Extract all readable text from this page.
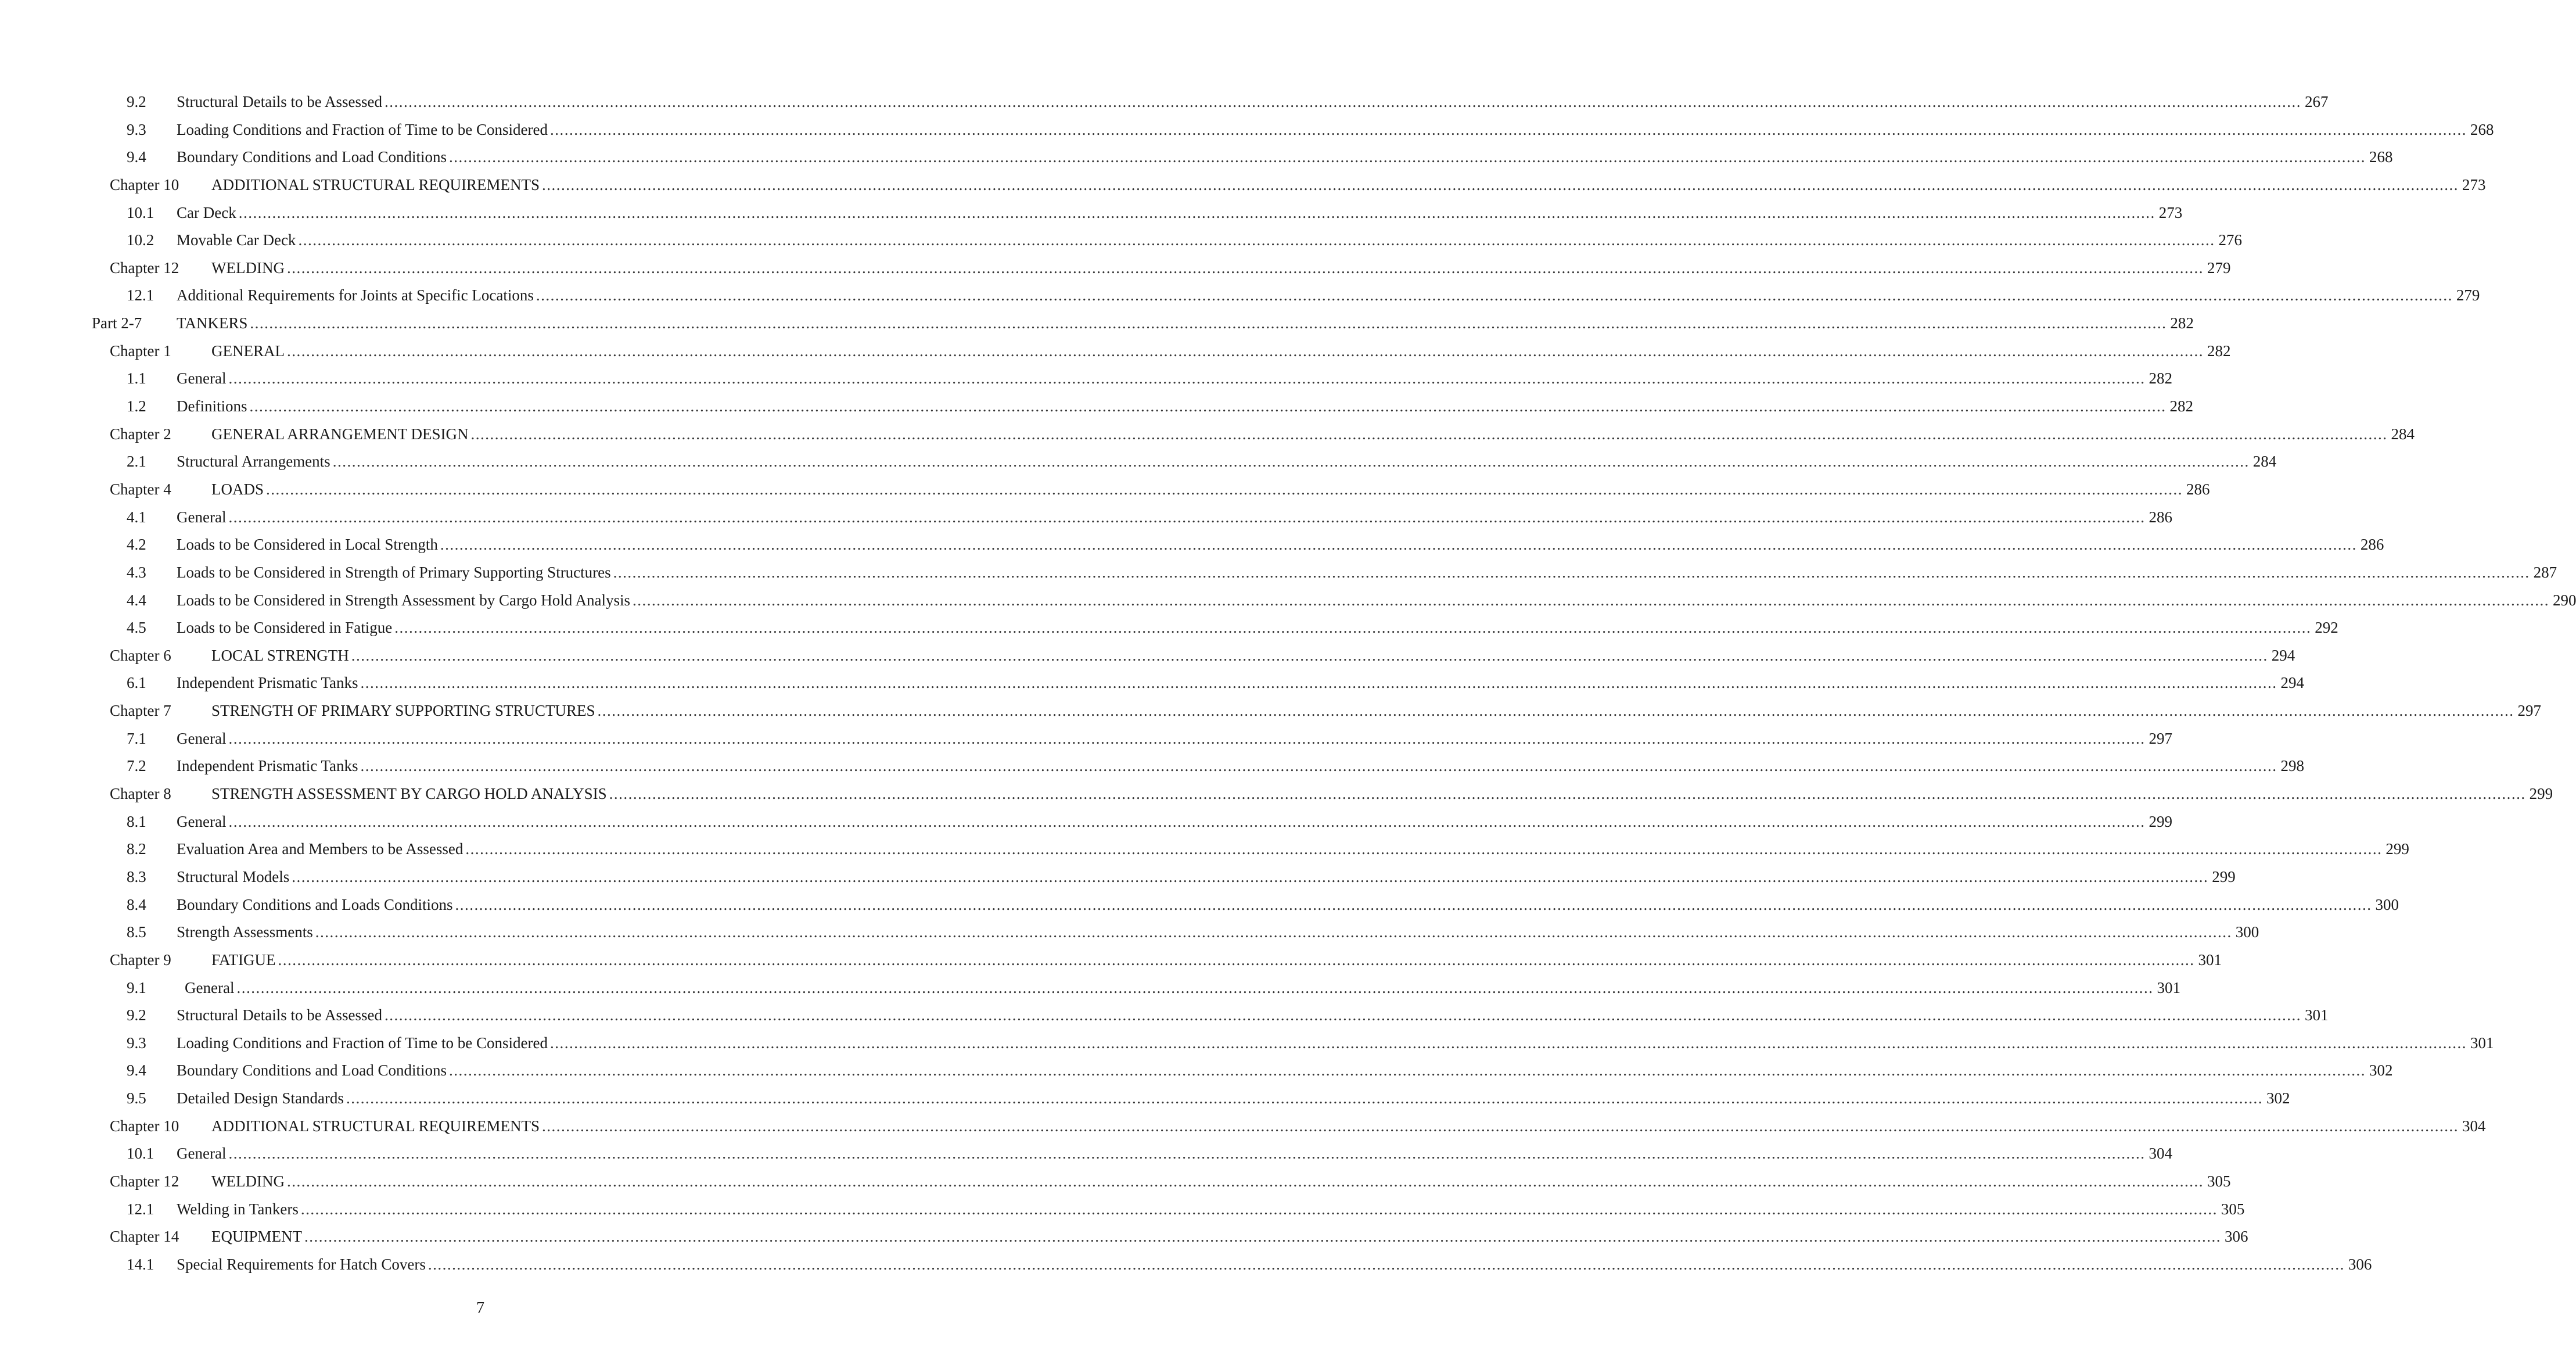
9.2 Structural Details to be Assessed ................................................................................................................................................................................................................................................................................................................................................................................................................ 267
9.3 Loading Conditions and Fraction of Time to be Considered ................................................................................................................................................................................................................................................................................................................................................................................................................ 268
9.4 Boundary Conditions and Load Conditions ................................................................................................................................................................................................................................................................................................................................................................................................................ 268
Chapter 10 ADDITIONAL STRUCTURAL REQUIREMENTS ................................................................................................................................................................................................................................................................................................................................................................................................................ 273
10.1 Car Deck ................................................................................................................................................................................................................................................................................................................................................................................................................ 273
10.2 Movable Car Deck ................................................................................................................................................................................................................................................................................................................................................................................................................ 276
Chapter 12 WELDING ................................................................................................................................................................................................................................................................................................................................................................................................................ 279
12.1 Additional Requirements for Joints at Specific Locations ................................................................................................................................................................................................................................................................................................................................................................................................................ 279
Part 2-7 TANKERS ................................................................................................................................................................................................................................................................................................................................................................................................................ 282
Chapter 1	GENERAL ................................................................................................................................................................................................................................................................................................................................................................................................................ 282
1.1 General ................................................................................................................................................................................................................................................................................................................................................................................................................ 282
1.2 Definitions ................................................................................................................................................................................................................................................................................................................................................................................................................ 282
Chapter 2	GENERAL ARRANGEMENT DESIGN ................................................................................................................................................................................................................................................................................................................................................................................................................ 284
2.1 Structural Arrangements ................................................................................................................................................................................................................................................................................................................................................................................................................ 284
Chapter 4	LOADS ................................................................................................................................................................................................................................................................................................................................................................................................................ 286
4.1 General ................................................................................................................................................................................................................................................................................................................................................................................................................ 286
4.2 Loads to be Considered in Local Strength ................................................................................................................................................................................................................................................................................................................................................................................................................ 286
4.3 Loads to be Considered in Strength of Primary Supporting Structures ................................................................................................................................................................................................................................................................................................................................................................................................................ 287
4.4 Loads to be Considered in Strength Assessment by Cargo Hold Analysis ................................................................................................................................................................................................................................................................................................................................................................................................................ 290
4.5 Loads to be Considered in Fatigue ................................................................................................................................................................................................................................................................................................................................................................................................................ 292
Chapter 6	LOCAL STRENGTH ................................................................................................................................................................................................................................................................................................................................................................................................................ 294
6.1 Independent Prismatic Tanks ................................................................................................................................................................................................................................................................................................................................................................................................................ 294
Chapter 7	STRENGTH OF PRIMARY SUPPORTING STRUCTURES ................................................................................................................................................................................................................................................................................................................................................................................................................ 297
7.1 General ................................................................................................................................................................................................................................................................................................................................................................................................................ 297
7.2 Independent Prismatic Tanks ................................................................................................................................................................................................................................................................................................................................................................................................................ 298
Chapter 8	STRENGTH ASSESSMENT BY CARGO HOLD ANALYSIS ................................................................................................................................................................................................................................................................................................................................................................................................................ 299
8.1 General ................................................................................................................................................................................................................................................................................................................................................................................................................ 299
8.2 Evaluation Area and Members to be Assessed ................................................................................................................................................................................................................................................................................................................................................................................................................ 299
8.3 Structural Models ................................................................................................................................................................................................................................................................................................................................................................................................................ 299
8.4 Boundary Conditions and Loads Conditions ................................................................................................................................................................................................................................................................................................................................................................................................................ 300
8.5 Strength Assessments ................................................................................................................................................................................................................................................................................................................................................................................................................ 300
Chapter 9	FATIGUE ................................................................................................................................................................................................................................................................................................................................................................................................................ 301
9.1 General ................................................................................................................................................................................................................................................................................................................................................................................................................ 301
9.2 Structural Details to be Assessed ................................................................................................................................................................................................................................................................................................................................................................................................................ 301
9.3 Loading Conditions and Fraction of Time to be Considered ................................................................................................................................................................................................................................................................................................................................................................................................................ 301
9.4 Boundary Conditions and Load Conditions ................................................................................................................................................................................................................................................................................................................................................................................................................ 302
9.5 Detailed Design Standards ................................................................................................................................................................................................................................................................................................................................................................................................................ 302
Chapter 10 ADDITIONAL STRUCTURAL REQUIREMENTS ................................................................................................................................................................................................................................................................................................................................................................................................................ 304
10.1 General ................................................................................................................................................................................................................................................................................................................................................................................................................ 304
Chapter 12 WELDING ................................................................................................................................................................................................................................................................................................................................................................................................................ 305
12.1 Welding in Tankers ................................................................................................................................................................................................................................................................................................................................................................................................................ 305
Chapter 14 EQUIPMENT ................................................................................................................................................................................................................................................................................................................................................................................................................ 306
14.1 Special Requirements for Hatch Covers ................................................................................................................................................................................................................................................................................................................................................................................................................ 306
7
